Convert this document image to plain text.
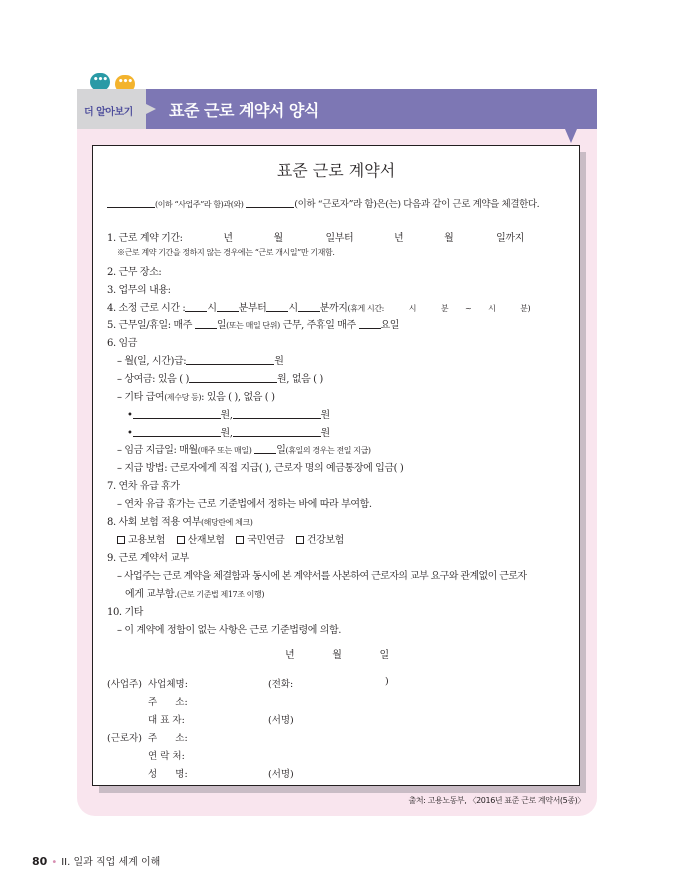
•••	•••
더 알아보기 표준 근로 계약서 양식
표준 근로 계약서
(이하 “사업주”라 함)과(와)	(이하 “근로자”라 함)은(는) 다음과 같이 근로 계약을 체결한다.
1. 근로 계약 기간:	년	월	일부터	년	월	일까지
※근로 계약 기간을 정하지 않는 경우에는 “근로 개시일”만 기재함.
2. 근무 장소:
3. 업무의 내용:
4. 소정 근로 시간 : 시 분부터 시 분까지(휴게 시간:	시	분 ~ 시	분)
5. 근무일/휴일: 매주 일(또는 매일 단위) 근무, 주휴일 매주 요일
6. 임금
– 월(일, 시간)급:	원
– 상여금: 있음 ( )	원, 없음 ( )
– 기타 급여(제수당 등): 있음 ( ), 없음 ( )
•	원,	원
•	원,	원
– 임금 지급일: 매월(매주 또는 매일) 일(휴일의 경우는 전일 지급)
– 지급 방법: 근로자에게 직접 지급( ), 근로자 명의 예금통장에 입금( )
7. 연차 유급 휴가
– 연차 유급 휴가는 근로 기준법에서 정하는 바에 따라 부여함.
8. 사회 보험 적용 여부(해당란에 체크)
고용보험 산재보험 국민연금 건강보험
9. 근로 계약서 교부
– 사업주는 근로 계약을 체결함과 동시에 본 계약서를 사본하여 근로자의 교부 요구와 관계없이 근로자
에게 교부함.(근로 기준법 제17조 이행)
10. 기타
– 이 계약에 정함이 없는 사항은 근로 기준법령에 의함.
년	월	일
(사업주) 사업체명:	(전화:	)
주      소:
대 표 자:	(서명)
(근로자) 주      소:
연 락 처:
성      명:	(서명)
출처: 고용노동부, 〈2016년 표준 근로 계약서(5종)〉
80 • II. 일과 직업 세계 이해
